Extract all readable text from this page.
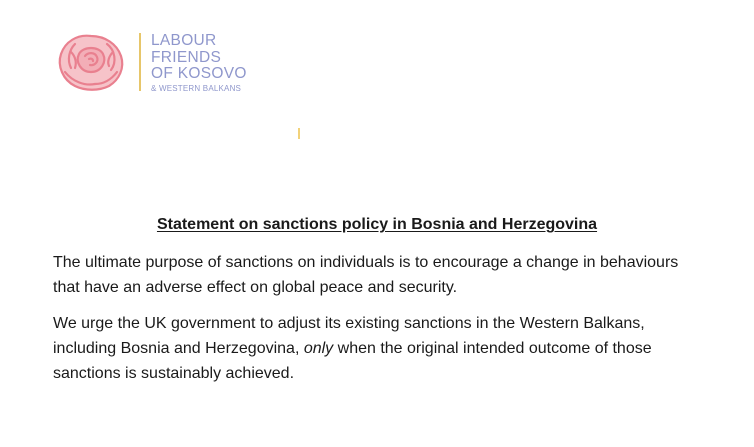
LABOUR
FRIENDS
OF KOSOVO
& WESTERN BALKANS
Statement on sanctions policy in Bosnia and Herzegovina

The ultimate purpose of sanctions on individuals is to encourage a change in behaviours that have an adverse effect on global peace and security.

We urge the UK government to adjust its existing sanctions in the Western Balkans, including Bosnia and Herzegovina, only when the original intended outcome of those sanctions is sustainably achieved.
